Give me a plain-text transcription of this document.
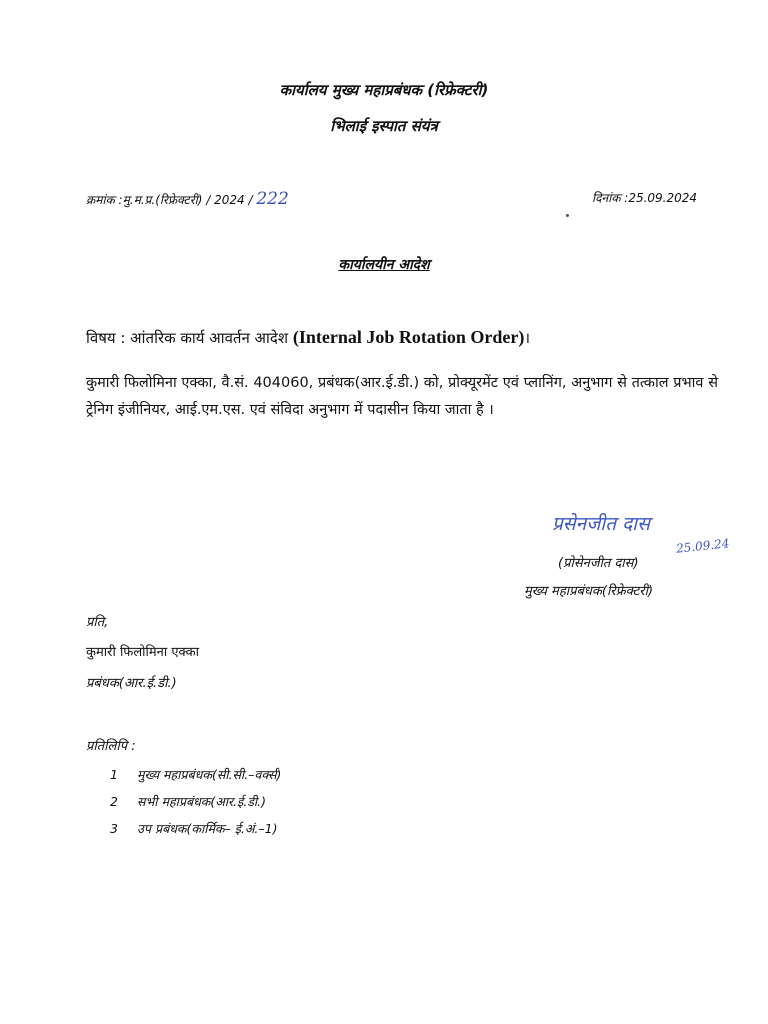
कार्यालय मुख्य महाप्रबंधक (रिफ्रेक्टरी)
भिलाई इस्पात संयंत्र
क्रमांक :मु.म.प्र.(रिफ्रेक्टरी) / 2024 / 222	दिनांक :25.09.2024
कार्यालयीन आदेश
विषय : आंतरिक कार्य आवर्तन आदेश (Internal Job Rotation Order)।
कुमारी फिलोमिना एक्का, वै.सं. 404060, प्रबंधक(आर.ई.डी.) को, प्रोक्यूरमेंट एवं प्लानिंग, अनुभाग से तत्काल प्रभाव से ट्रेनिग इंजीनियर, आई.एम.एस. एवं संविदा अनुभाग में पदासीन किया जाता है ।
प्रसेनजीत दास
25.09.24
(प्रोसेनजीत दास)
मुख्य महाप्रबंधक(रिफ्रेक्टरी)
प्रति,
कुमारी फिलोमिना एक्का
प्रबंधक(आर.ई.डी.)
प्रतिलिपि :
1 मुख्य महाप्रबंधक(सी.सी.–वर्क्स)
2 सभी महाप्रबंधक(आर.ई.डी.)
3 उप प्रबंधक(कार्मिक– ई.अं.–1)
